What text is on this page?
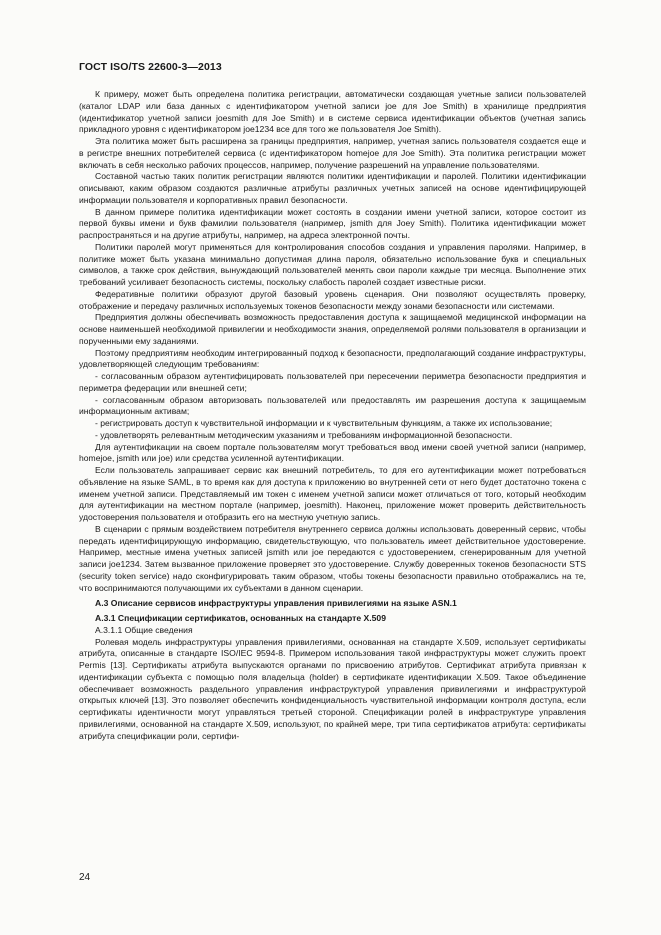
ГОСТ ISO/TS 22600-3—2013

К примеру, может быть определена политика регистрации, автоматически создающая учетные записи пользователей (каталог LDAP или база данных с идентификатором учетной записи joe для Joe Smith) в хранилище предприятия (идентификатор учетной записи joesmith для Joe Smith) и в системе сервиса идентификации объектов (учетная запись прикладного уровня с идентификатором joe1234 все для того же пользователя Joe Smith).

Эта политика может быть расширена за границы предприятия, например, учетная запись пользователя создается еще и в регистре внешних потребителей сервиса (с идентификатором homejoe для Joe Smith). Эта политика регистрации может включать в себя несколько рабочих процессов, например, получение разрешений на управление пользователями.

Составной частью таких политик регистрации являются политики идентификации и паролей. Политики идентификации описывают, каким образом создаются различные атрибуты различных учетных записей на основе идентифицирующей информации пользователя и корпоративных правил безопасности.

В данном примере политика идентификации может состоять в создании имени учетной записи, которое состоит из первой буквы имени и букв фамилии пользователя (например, jsmith для Joey Smith). Политика идентификации может распространяться и на другие атрибуты, например, на адреса электронной почты.

Политики паролей могут применяться для контролирования способов создания и управления паролями. Например, в политике может быть указана минимально допустимая длина пароля, обязательно использование букв и специальных символов, а также срок действия, вынуждающий пользователей менять свои пароли каждые три месяца. Выполнение этих требований усиливает безопасность системы, поскольку слабость паролей создает известные риски.

Федеративные политики образуют другой базовый уровень сценария. Они позволяют осуществлять проверку, отображение и передачу различных используемых токенов безопасности между зонами безопасности или системами.

Предприятия должны обеспечивать возможность предоставления доступа к защищаемой медицинской информации на основе наименьшей необходимой привилегии и необходимости знания, определяемой ролями пользователя в организации и порученными ему заданиями.

Поэтому предприятиям необходим интегрированный подход к безопасности, предполагающий создание инфраструктуры, удовлетворяющей следующим требованиям:

- согласованным образом аутентифицировать пользователей при пересечении периметра безопасности предприятия и периметра федерации или внешней сети;

- согласованным образом авторизовать пользователей или предоставлять им разрешения доступа к защищаемым информационным активам;

- регистрировать доступ к чувствительной информации и к чувствительным функциям, а также их использование;

- удовлетворять релевантным методическим указаниям и требованиям информационной безопасности.

Для аутентификации на своем портале пользователям могут требоваться ввод имени своей учетной записи (например, homejoe, jsmith или joe) или средства усиленной аутентификации.

Если пользователь запрашивает сервис как внешний потребитель, то для его аутентификации может потребоваться объявление на языке SAML, в то время как для доступа к приложению во внутренней сети от него будет достаточно токена с именем учетной записи. Представляемый им токен с именем учетной записи может отличаться от того, который необходим для аутентификации на местном портале (например, joesmith). Наконец, приложение может проверить действительность удостоверения пользователя и отобразить его на местную учетную запись.

В сценарии с прямым воздействием потребителя внутреннего сервиса должны использовать доверенный сервис, чтобы передать идентифицирующую информацию, свидетельствующую, что пользователь имеет действительное удостоверение. Например, местные имена учетных записей jsmith или joe передаются с удостоверением, сгенерированным для учетной записи joe1234. Затем вызванное приложение проверяет это удостоверение. Службу доверенных токенов безопасности STS (security token service) надо сконфигурировать таким образом, чтобы токены безопасности правильно отображались на те, что воспринимаются получающими их субъектами в данном сценарии.

А.3 Описание сервисов инфраструктуры управления привилегиями на языке ASN.1

А.3.1 Спецификации сертификатов, основанных на стандарте X.509

А.3.1.1 Общие сведения

Ролевая модель инфраструктуры управления привилегиями, основанная на стандарте X.509, использует сертификаты атрибута, описанные в стандарте ISO/IEC 9594-8. Примером использования такой инфраструктуры может служить проект Permis [13]. Сертификаты атрибута выпускаются органами по присвоению атрибутов. Сертификат атрибута привязан к идентификации субъекта с помощью поля владельца (holder) в сертификате идентификации X.509. Такое объединение обеспечивает возможность раздельного управления инфраструктурой управления привилегиями и инфраструктурой открытых ключей [13]. Это позволяет обеспечить конфиденциальность чувствительной информации контроля доступа, если сертификаты идентичности могут управляться третьей стороной. Спецификации ролей в инфраструктуре управления привилегиями, основанной на стандарте X.509, используют, по крайней мере, три типа сертификатов атрибута: сертификаты атрибута спецификации роли, сертифи-

24
